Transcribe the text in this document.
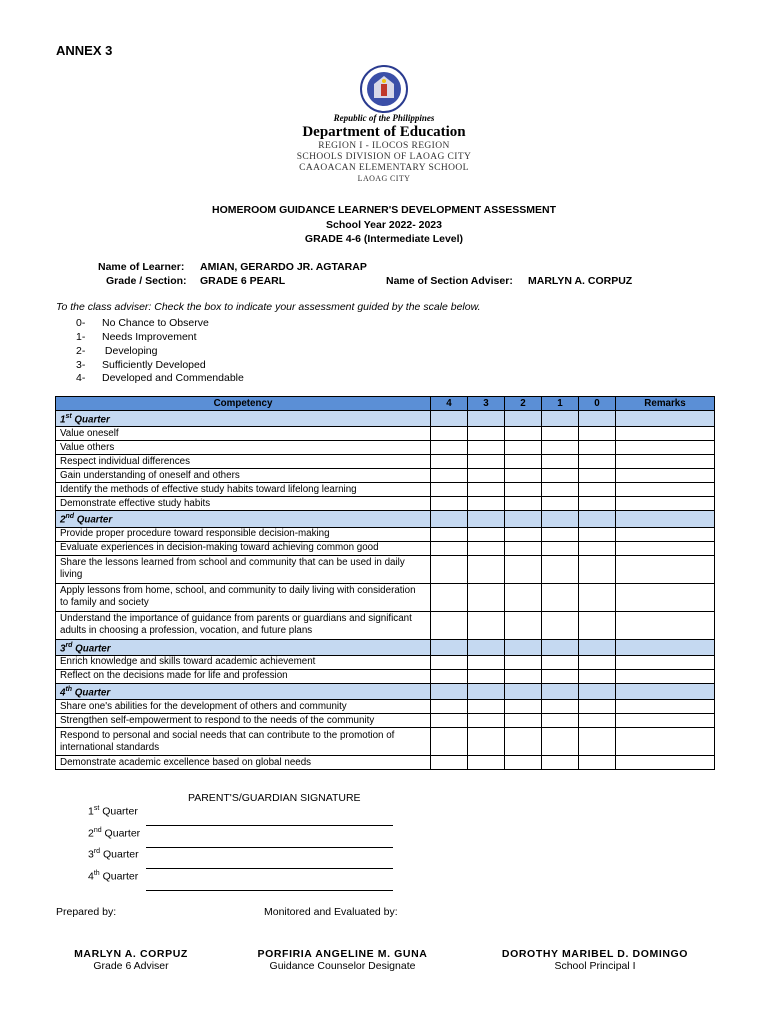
ANNEX 3
Republic of the Philippines
Department of Education
REGION I - ILOCOS REGION
SCHOOLS DIVISION OF LAOAG CITY
CAAOACAN ELEMENTARY SCHOOL
LAOAG CITY
HOMEROOM GUIDANCE LEARNER'S DEVELOPMENT ASSESSMENT
School Year 2022- 2023
GRADE 4-6 (Intermediate Level)
Name of Learner: AMIAN, GERARDO JR. AGTARAP
Grade / Section: GRADE 6 PEARL	Name of Section Adviser: MARLYN A. CORPUZ
To the class adviser: Check the box to indicate your assessment guided by the scale below.
0- No Chance to Observe
1- Needs Improvement
2- Developing
3- Sufficiently Developed
4- Developed and Commendable
Competency	4	3	2	1	0	Remarks
1st Quarter						
Value oneself						
Value others						
Respect individual differences						
Gain understanding of oneself and others						
Identify the methods of effective study habits toward lifelong learning						
Demonstrate effective study habits						
2nd Quarter						
Provide proper procedure toward responsible decision-making						
Evaluate experiences in decision-making toward achieving common good						
Share the lessons learned from school and community that can be used in daily living						
Apply lessons from home, school, and community to daily living with consideration to family and society						
Understand the importance of guidance from parents or guardians and significant adults in choosing a profession, vocation, and future plans						
3rd Quarter						
Enrich knowledge and skills toward academic achievement						
Reflect on the decisions made for life and profession						
4th Quarter						
Share one's abilities for the development of others and community						
Strengthen self-empowerment to respond to the needs of the community						
Respond to personal and social needs that can contribute to the promotion of international standards						
Demonstrate academic excellence based on global needs						
PARENT'S/GUARDIAN SIGNATURE
1st Quarter
2nd Quarter
3rd Quarter
4th Quarter
Prepared by:	Monitored and Evaluated by:
MARLYN A. CORPUZ
Grade 6 Adviser
PORFIRIA ANGELINE M. GUNA
Guidance Counselor Designate
DOROTHY MARIBEL D. DOMINGO
School Principal I
